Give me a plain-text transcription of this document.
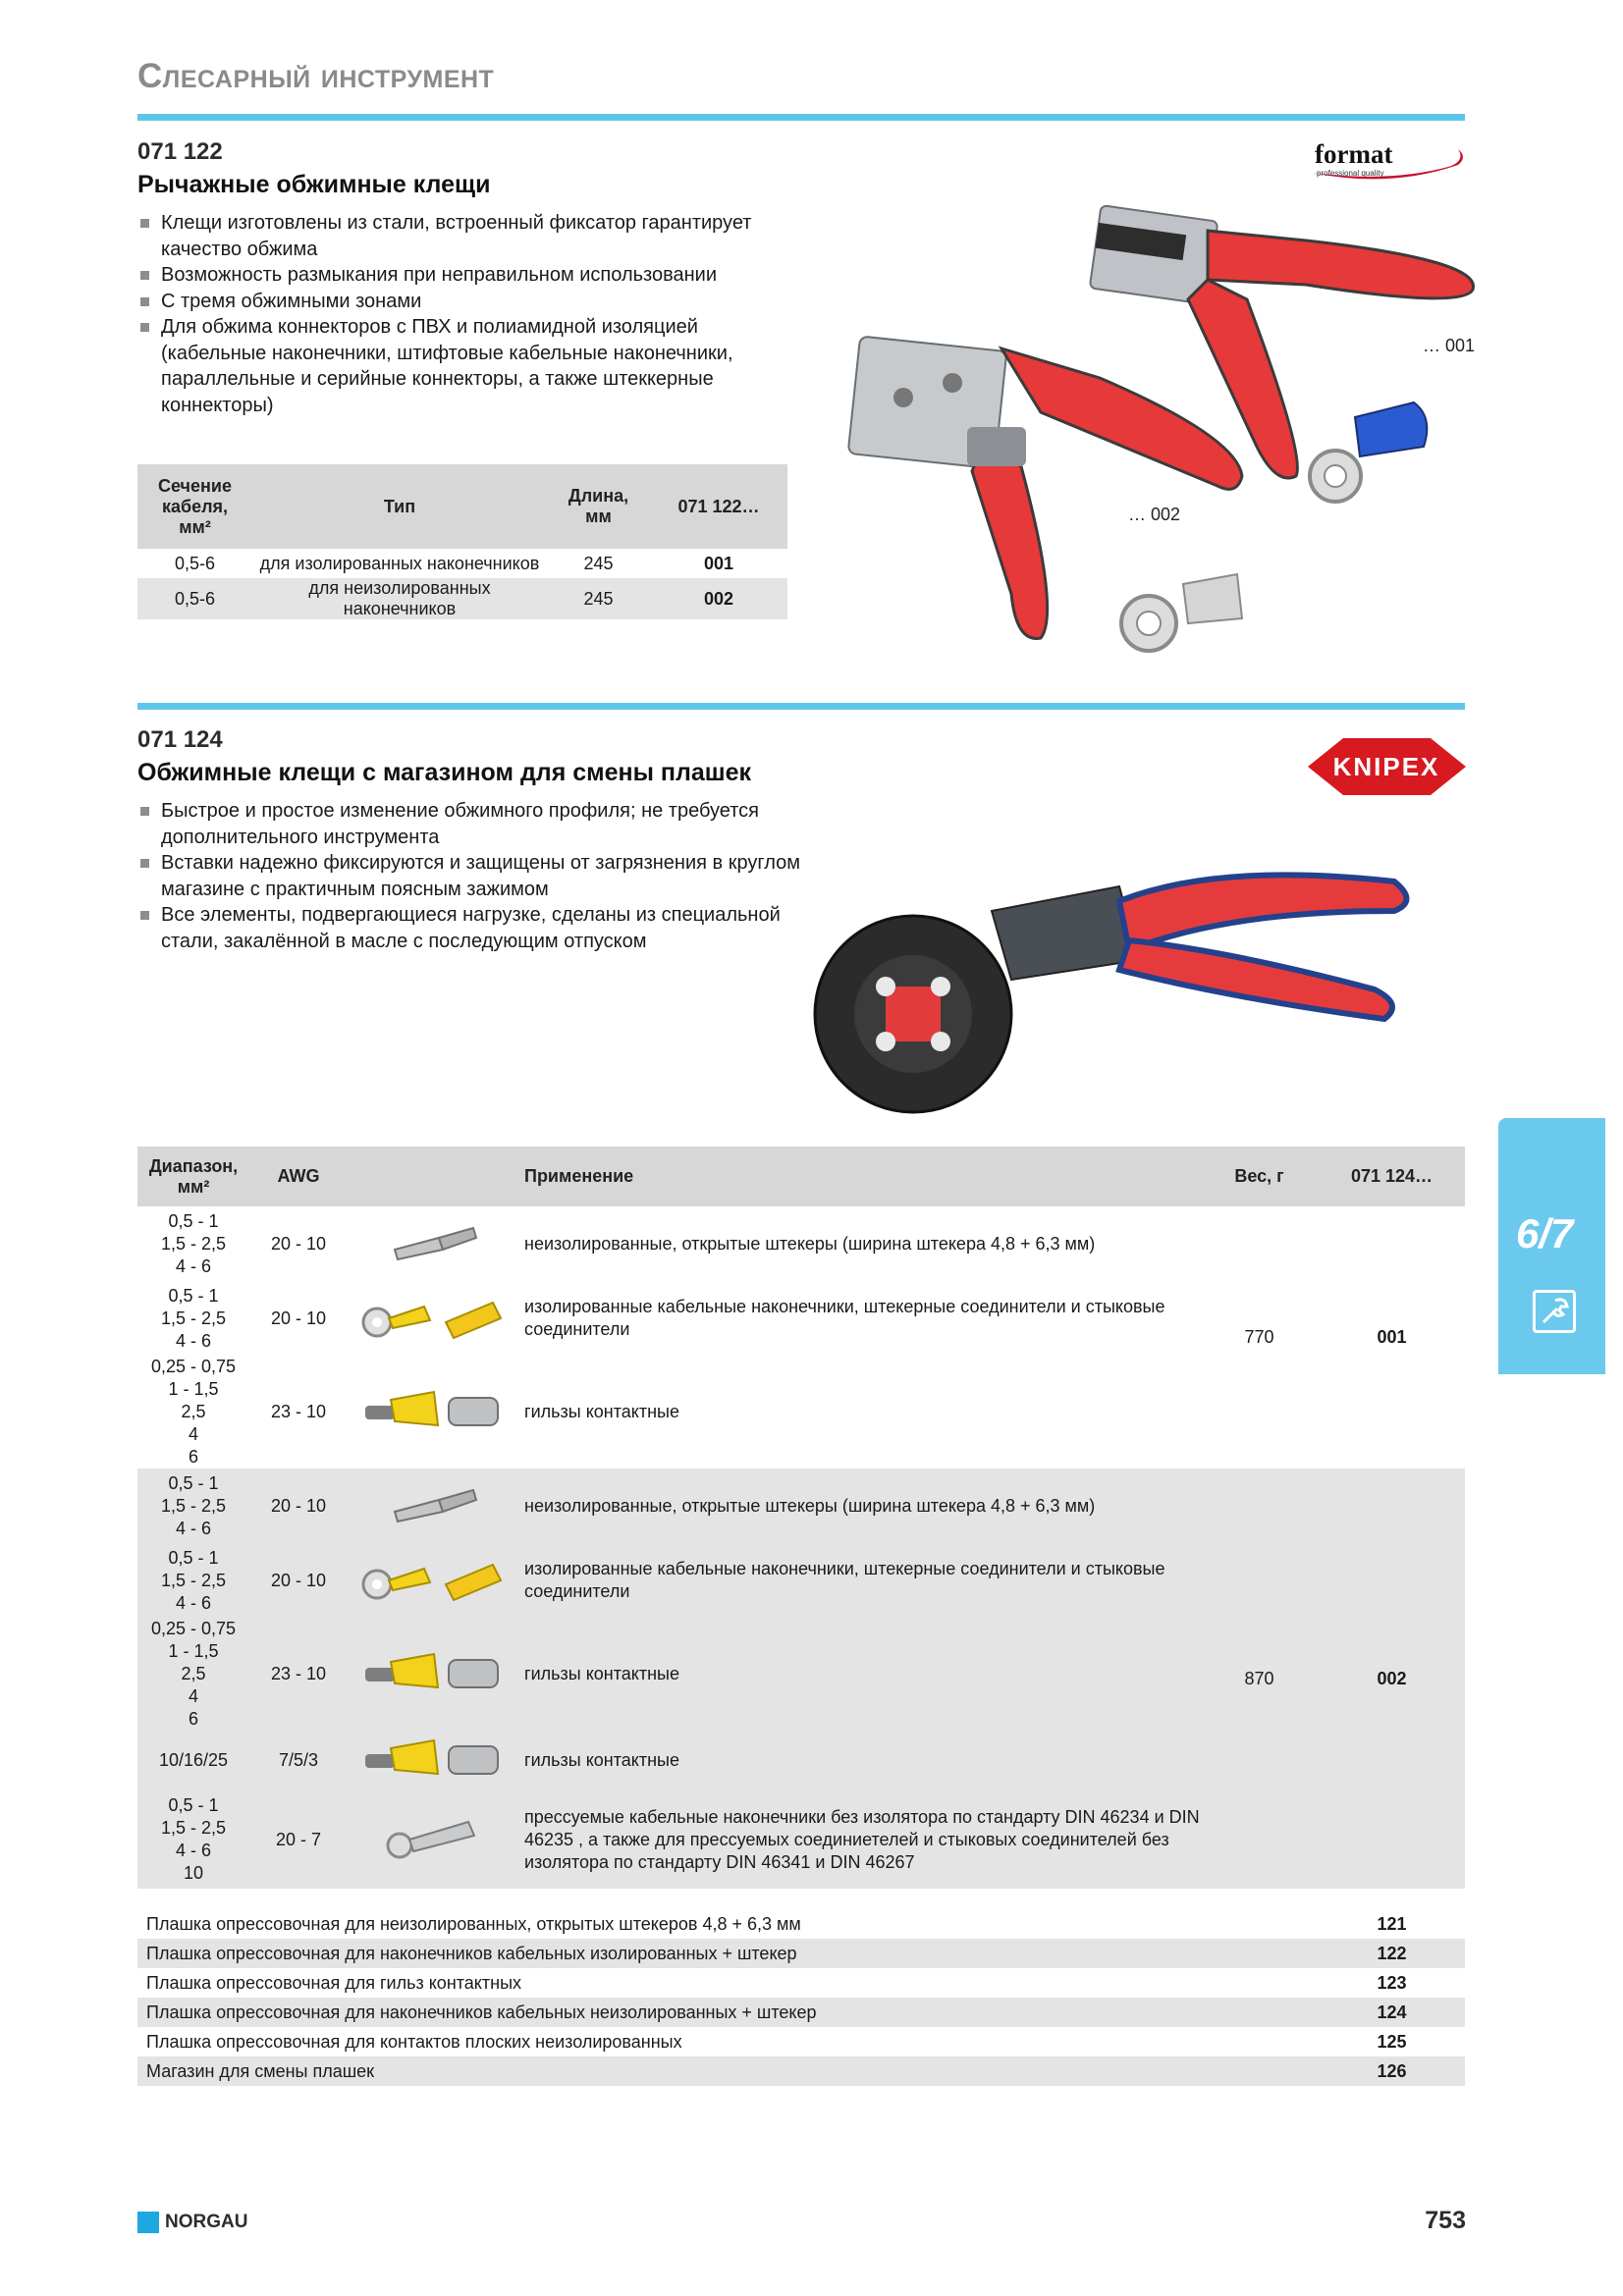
Слесарный инструмент
071 122
Рычажные обжимные клещи
format
professional quality
Клещи изготовлены из стали, встроенный фиксатор гарантирует качество обжима
Возможность размыкания при неправильном использовании
С тремя обжимными зонами
Для обжима коннекторов с ПВХ и полиамидной изоляцией (кабельные наконечники, штифтовые кабельные наконечники, параллельные и серийные коннекторы, а также штеккерные коннекторы)
… 001
… 002
Сечение кабеля, мм²	Тип	Длина, мм	071 122…
0,5-6	для изолированных наконечников	245	001
0,5-6	для неизолированных наконечников	245	002
071 124
Обжимные клещи с магазином для смены плашек	KNIPEX
Быстрое и простое изменение обжимного профиля; не требуется дополнительного инструмента
Вставки надежно фиксируются и защищены от загрязнения в круглом магазине с практичным поясным зажимом
Все элементы, подвергающиеся нагрузке, сделаны из специальной стали, закалённой в масле с последующим отпуском
Диапазон, мм²	AWG		Применение	Вес, г	071 124…
0,5 - 1
1,5 - 2,5
4 - 6	20 - 10		неизолированные, открытые штекеры (ширина штекера 4,8 + 6,3 мм)	770	001
0,5 - 1
1,5 - 2,5
4 - 6	20 - 10		изолированные кабельные наконечники, штекерные соединители и стыковые соединители		
0,25 - 0,75
1 - 1,5
2,5
4
6	23 - 10		гильзы контактные		
0,5 - 1
1,5 - 2,5
4 - 6	20 - 10		неизолированные, открытые штекеры (ширина штекера 4,8 + 6,3 мм)	870	002
0,5 - 1
1,5 - 2,5
4 - 6	20 - 10		изолированные кабельные наконечники, штекерные соединители и стыковые соединители		
0,25 - 0,75
1 - 1,5
2,5
4
6	23 - 10		гильзы контактные		
10/16/25	7/5/3		гильзы контактные		
0,5 - 1
1,5 - 2,5
4 - 6
10	20 - 7		прессуемые кабельные наконечники без изолятора по стандарту DIN 46234 и DIN 46235 , а также для прессуемых соединиетелей и стыковых соединителей без изолятора по стандарту DIN 46341 и DIN 46267		
Плашка опрессовочная для неизолированных, открытых штекеров 4,8 + 6,3 мм	121
Плашка опрессовочная для наконечников кабельных изолированных + штекер	122
Плашка опрессовочная для гильз контактных	123
Плашка опрессовочная для наконечников кабельных неизолированных + штекер	124
Плашка опрессовочная для контактов плоских неизолированных	125
Магазин для смены плашек	126
6/7
NORGAU	753
